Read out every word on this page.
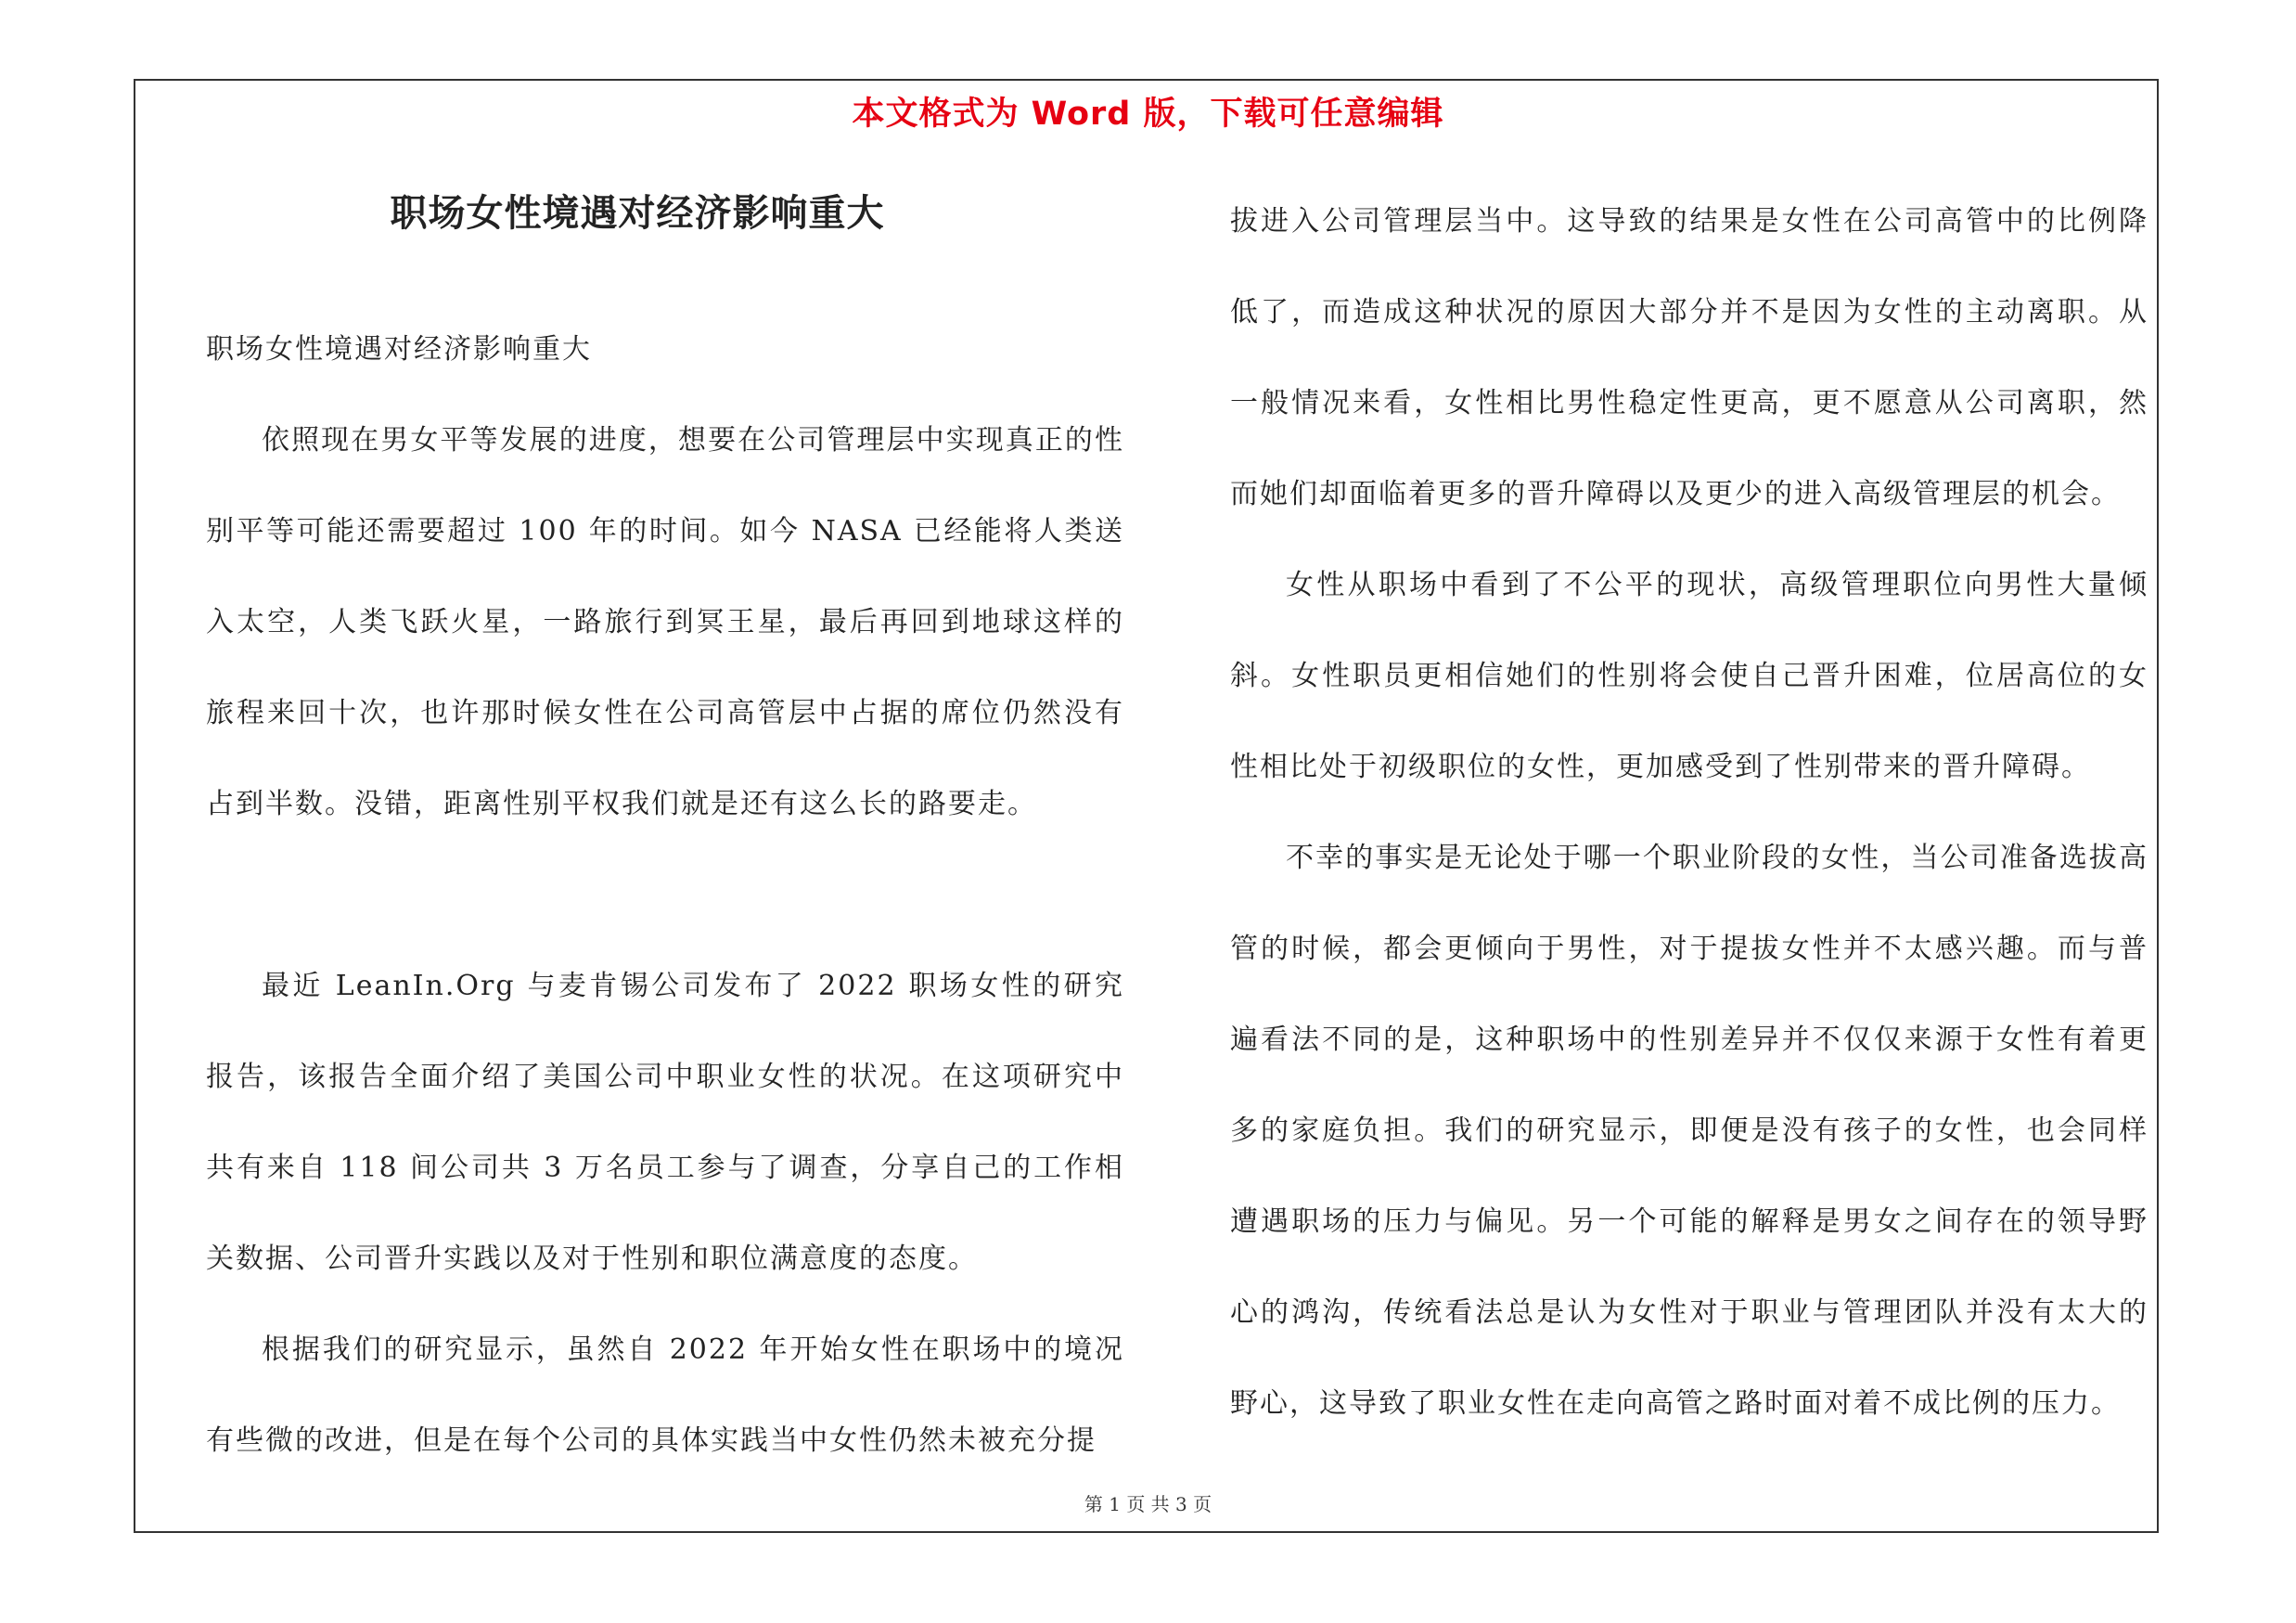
本文格式为 Word 版，下载可任意编辑
职场女性境遇对经济影响重大

职场女性境遇对经济影响重大

依照现在男女平等发展的进度，想要在公司管理层中实现真正的性别平等可能还需要超过 100 年的时间。如今 NASA 已经能将人类送入太空，人类飞跃火星，一路旅行到冥王星，最后再回到地球这样的旅程来回十次，也许那时候女性在公司高管层中占据的席位仍然没有占到半数。没错，距离性别平权我们就是还有这么长的路要走。

最近 LeanIn.Org 与麦肯锡公司发布了 2022 职场女性的研究报告，该报告全面介绍了美国公司中职业女性的状况。在这项研究中共有来自 118 间公司共 3 万名员工参与了调查，分享自己的工作相关数据、公司晋升实践以及对于性别和职位满意度的态度。

根据我们的研究显示，虽然自 2022 年开始女性在职场中的境况有些微的改进，但是在每个公司的具体实践当中女性仍然未被充分提

拔进入公司管理层当中。这导致的结果是女性在公司高管中的比例降低了，而造成这种状况的原因大部分并不是因为女性的主动离职。从一般情况来看，女性相比男性稳定性更高，更不愿意从公司离职，然而她们却面临着更多的晋升障碍以及更少的进入高级管理层的机会。

女性从职场中看到了不公平的现状，高级管理职位向男性大量倾斜。女性职员更相信她们的性别将会使自己晋升困难，位居高位的女性相比处于初级职位的女性，更加感受到了性别带来的晋升障碍。

不幸的事实是无论处于哪一个职业阶段的女性，当公司准备选拔高管的时候，都会更倾向于男性，对于提拔女性并不太感兴趣。而与普遍看法不同的是，这种职场中的性别差异并不仅仅来源于女性有着更多的家庭负担。我们的研究显示，即便是没有孩子的女性，也会同样遭遇职场的压力与偏见。另一个可能的解释是男女之间存在的领导野心的鸿沟，传统看法总是认为女性对于职业与管理团队并没有太大的野心，这导致了职业女性在走向高管之路时面对着不成比例的压力。

第 1 页 共 3 页
